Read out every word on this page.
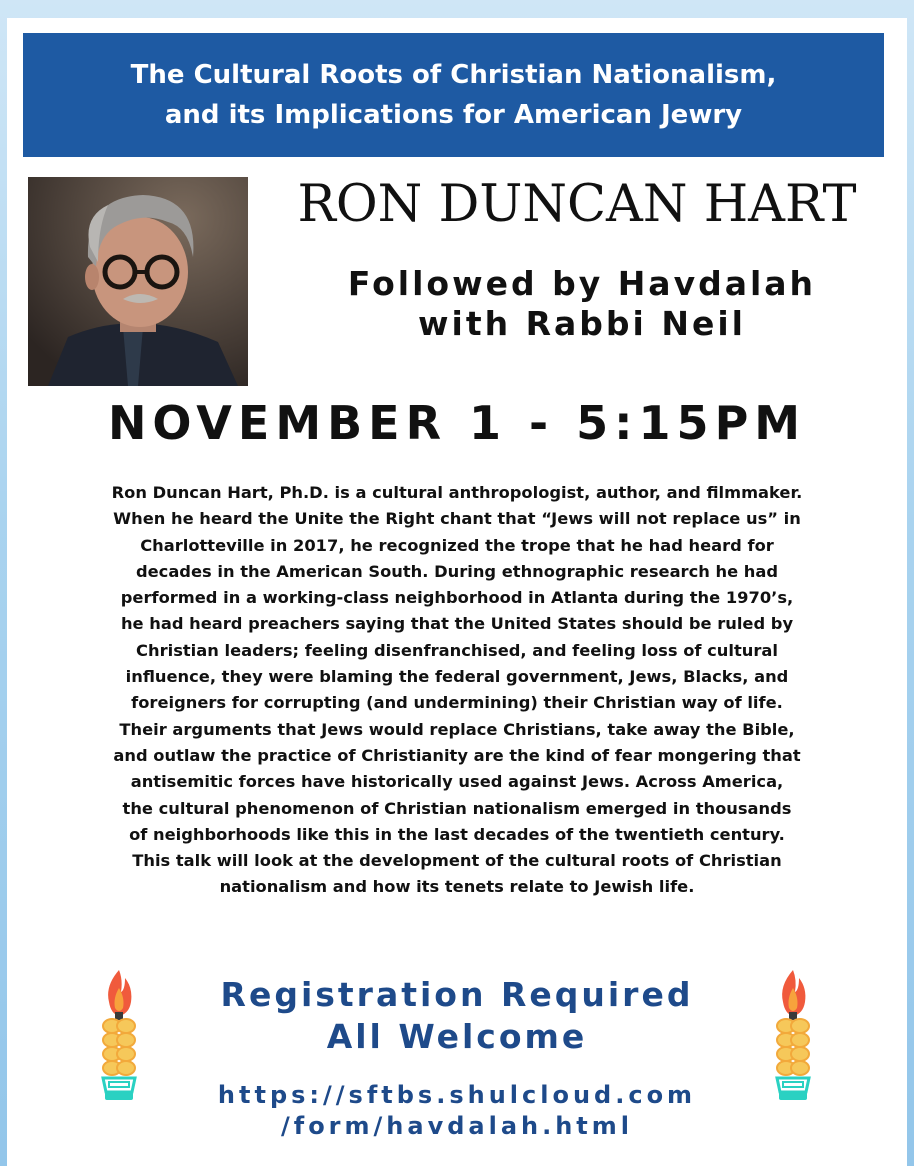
The Cultural Roots of Christian Nationalism,
and its Implications for American Jewry
RON DUNCAN HART
Followed by Havdalah
with Rabbi Neil
NOVEMBER 1 - 5:15PM
Ron Duncan Hart, Ph.D. is a cultural anthropologist, author, and filmmaker.
When he heard the Unite the Right chant that “Jews will not replace us” in
Charlotteville in 2017, he recognized the trope that he had heard for
decades in the American South. During ethnographic research he had
performed in a working-class neighborhood in Atlanta during the 1970’s,
he had heard preachers saying that the United States should be ruled by
Christian leaders; feeling disenfranchised, and feeling loss of cultural
influence, they were blaming the federal government, Jews, Blacks, and
foreigners for corrupting (and undermining) their Christian way of life.
Their arguments that Jews would replace Christians, take away the Bible,
and outlaw the practice of Christianity are the kind of fear mongering that
antisemitic forces have historically used against Jews. Across America,
the cultural phenomenon of Christian nationalism emerged in thousands
of neighborhoods like this in the last decades of the twentieth century.
This talk will look at the development of the cultural roots of Christian
nationalism and how its tenets relate to Jewish life.
Registration Required
All Welcome
https://sftbs.shulcloud.com
/form/havdalah.html
